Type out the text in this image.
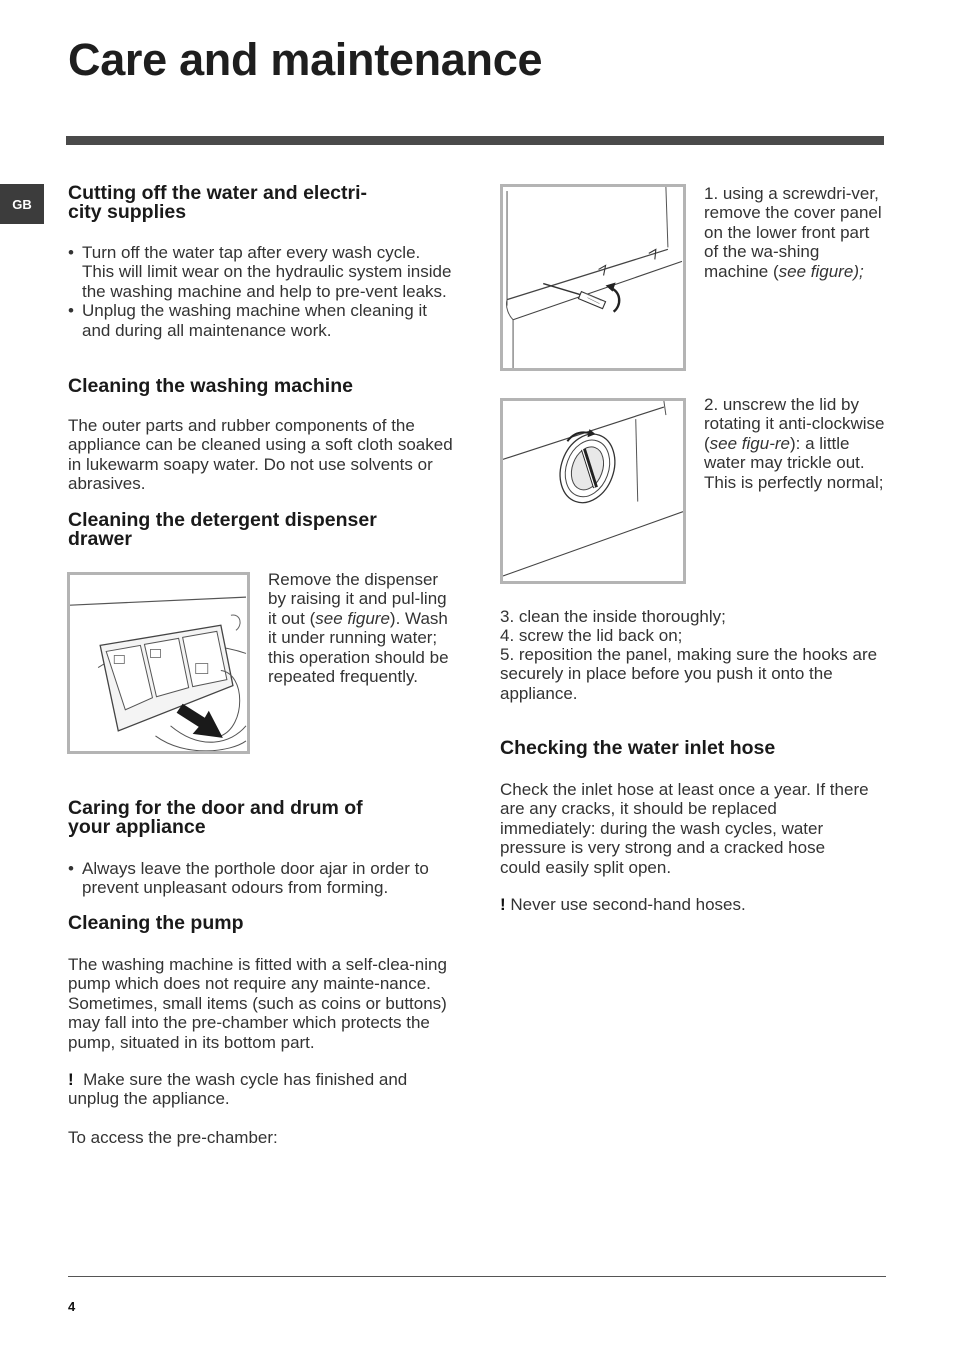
Care and maintenance
GB	Cutting off the water and electri-
city supplies
• Turn off the water tap after every wash cycle. This will limit wear on the hydraulic system inside the washing machine and help to pre-vent leaks.
• Unplug the washing machine when cleaning it and during all maintenance work.
Cleaning the washing machine

The outer parts and rubber components of the appliance can be cleaned using a soft cloth soaked in lukewarm soapy water. Do not use solvents or abrasives.

Cleaning the detergent dispenser
drawer

Remove the dispenser by raising it and pul-ling it out (see figure). Wash it under running water; this operation should be repeated frequently.

Caring for the door and drum of
your appliance
• Always leave the porthole door ajar in order to prevent unpleasant odours from forming.
Cleaning the pump

The washing machine is fitted with a self-clea-ning pump which does not require any mainte-nance. Sometimes, small items (such as coins or buttons) may fall into the pre-chamber which protects the pump, situated in its bottom part.

! Make sure the wash cycle has finished and unplug the appliance.

To access the pre-chamber:

1. using a screwdri-ver, remove the cover panel on the lower front part of the wa-shing machine (see figure);

2. unscrew the lid by rotating it anti-clockwise (see figu-re): a little water may trickle out. This is perfectly normal;

3. clean the inside thoroughly;

4. screw the lid back on;

5. reposition the panel, making sure the hooks are securely in place before you push it onto the appliance.

Checking the water inlet hose

Check the inlet hose at least once a year. If there are any cracks, it should be replaced immediately: during the wash cycles, water pressure is very strong and a cracked hose could easily split open.

! Never use second-hand hoses.

4
